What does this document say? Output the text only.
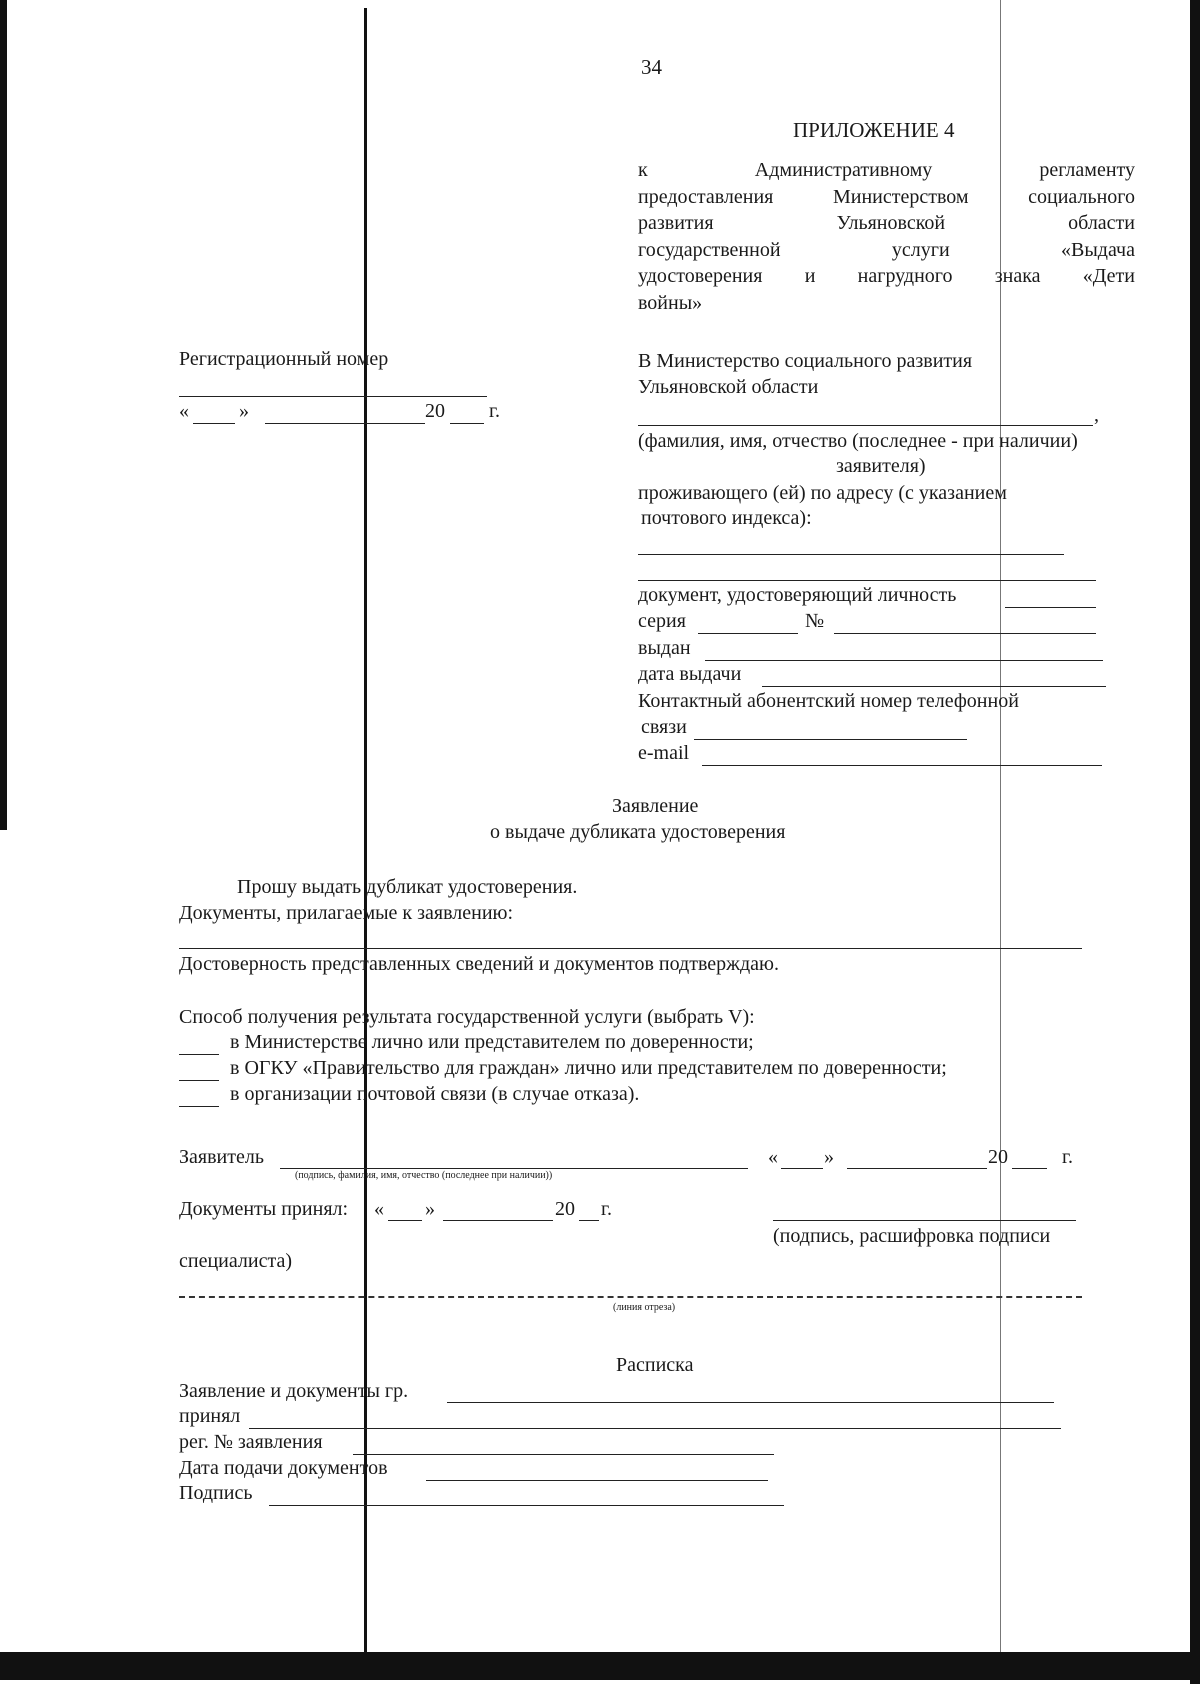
34
ПРИЛОЖЕНИЕ 4
к Административному регламенту
предоставления Министерством социального
развития Ульяновской области
государственной услуги «Выдача
удостоверения и нагрудного знака «Дети
войны»
Регистрационный номер
«	»	20 г.
В Министерство социального развития
Ульяновской области
,
(фамилия, имя, отчество (последнее - при наличии)
заявителя)
проживающего (ей) по адресу (с указанием
почтового индекса):
документ, удостоверяющий личность
серия	№
выдан
дата выдачи
Контактный абонентский номер телефонной
связи
e-mail
Заявление
о выдаче дубликата удостоверения
Прошу выдать дубликат удостоверения.
Документы, прилагаемые к заявлению:
Достоверность представленных сведений и документов подтверждаю.
Способ получения результата государственной услуги (выбрать V):
в Министерстве лично или представителем по доверенности;
в ОГКУ «Правительство для граждан» лично или представителем по доверенности;
в организации почтовой связи (в случае отказа).
Заявитель
(подпись, фамилия, имя, отчество (последнее при наличии))
« »	20	г.
Документы принял: « »	20 г.
(подпись, расшифровка подписи
специалиста)
(линия отреза)
Расписка
Заявление и документы гр.
принял
рег. № заявления
Дата подачи документов
Подпись
